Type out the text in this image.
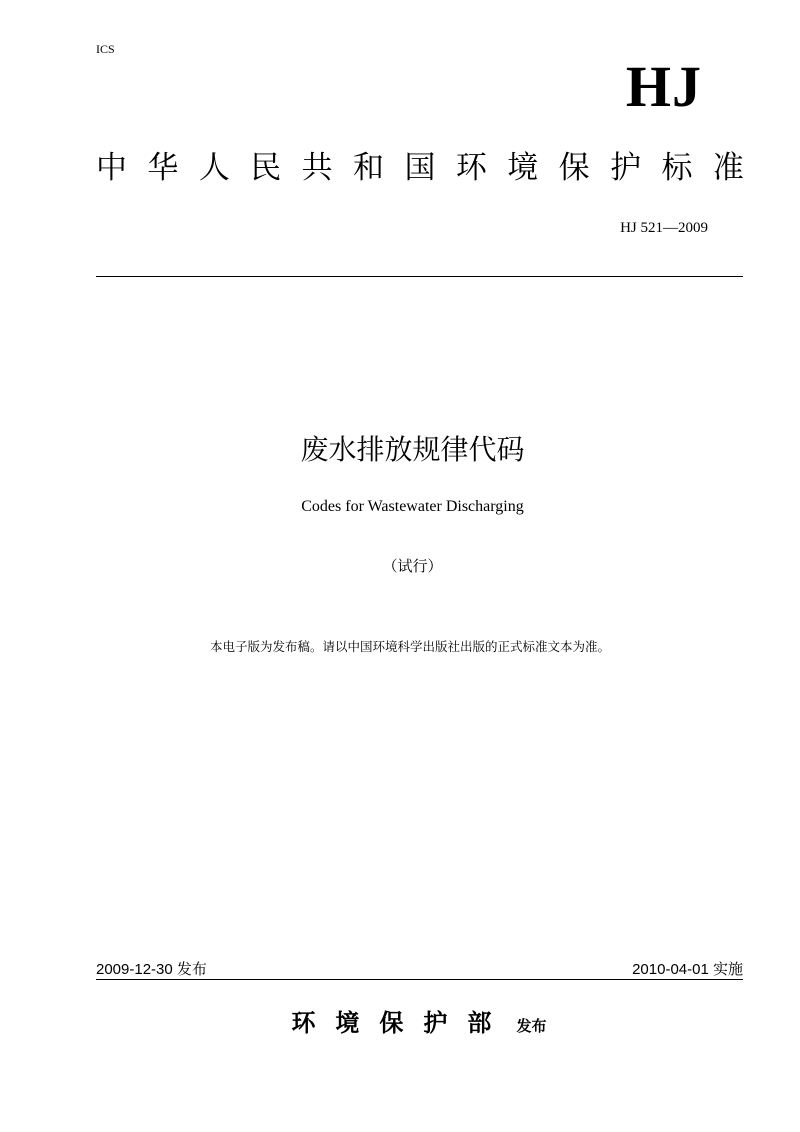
ICS
HJ
中 华 人 民 共 和 国 环 境 保 护 标 准
HJ 521—2009
废水排放规律代码
Codes for Wastewater Discharging
（试行）
本电子版为发布稿。请以中国环境科学出版社出版的正式标准文本为准。
2009-12-30 发布	2010-04-01 实施
环境保护部 发布
